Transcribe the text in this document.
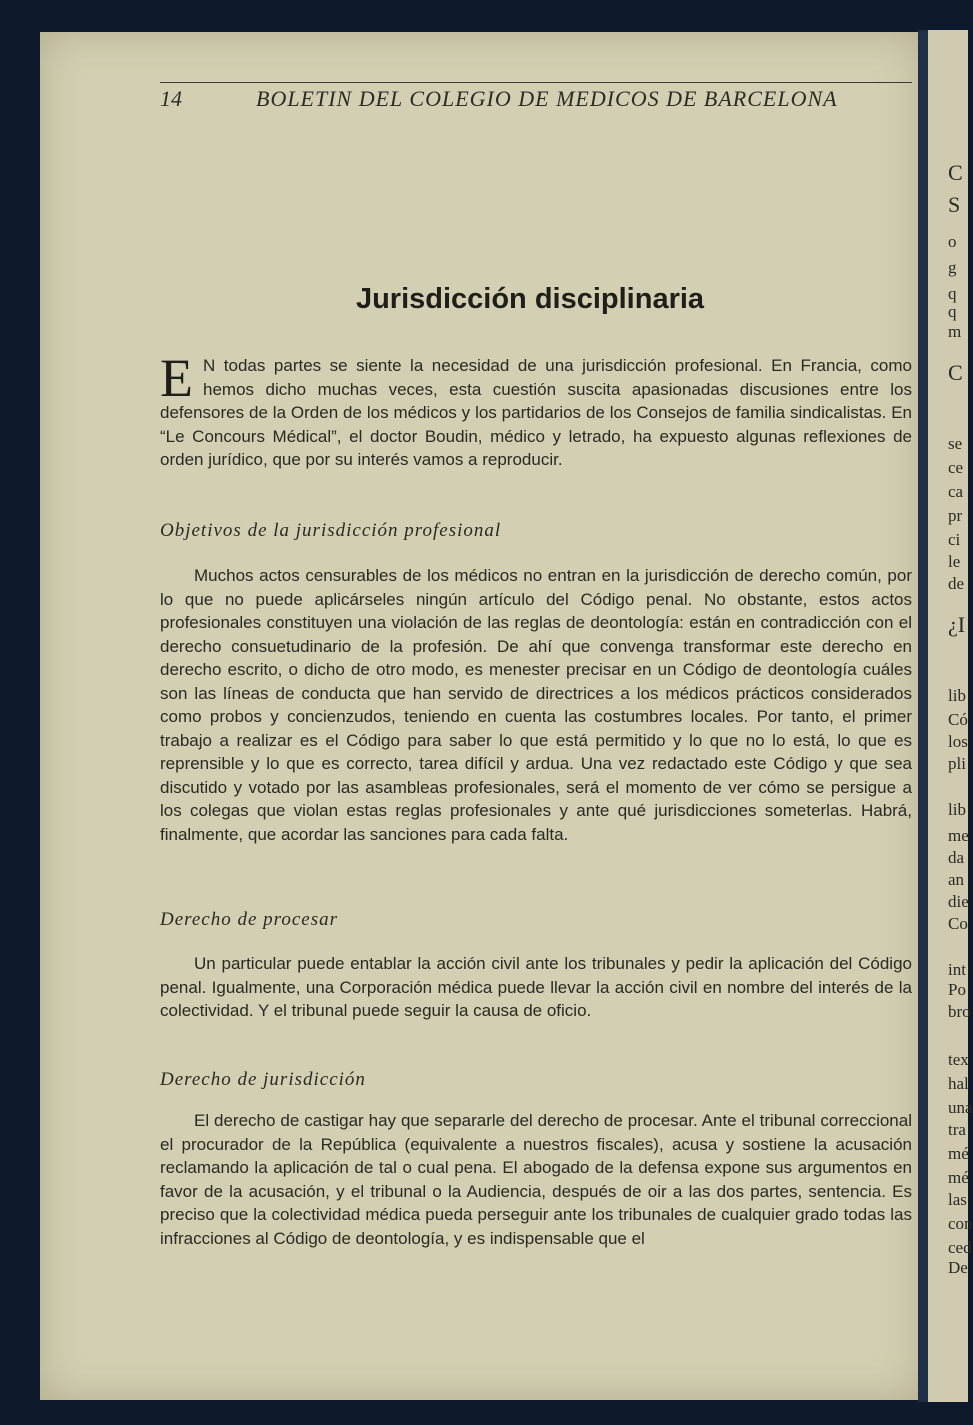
C
S
o
g
q
q
m
C
se
ce
ca
pr
ci
le
de
¿I
lib
Có
los
pli
lib
me
da
an
die
Co
int
Po
bro
tex
hal
una
tra
mé
mé
las
con
ced
De
14	BOLETIN DEL COLEGIO DE MEDICOS DE BARCELONA
Jurisdicción disciplinaria
E N todas partes se siente la necesidad de una jurisdicción profesional. En Francia, como hemos dicho muchas veces, esta cuestión suscita apasionadas discusiones entre los defensores de la Orden de los médicos y los partidarios de los Consejos de familia sindicalistas. En “Le Concours Médical”, el doctor Boudin, médico y letrado, ha expuesto algunas reflexiones de orden jurídico, que por su interés vamos a reproducir.
Objetivos de la jurisdicción profesional
Muchos actos censurables de los médicos no entran en la jurisdicción de derecho común, por lo que no puede aplicárseles ningún artículo del Código penal. No obstante, estos actos profesionales constituyen una violación de las reglas de deontología: están en contradicción con el derecho consuetudinario de la profesión. De ahí que convenga transformar este derecho en derecho escrito, o dicho de otro modo, es menester precisar en un Código de deontología cuáles son las líneas de conducta que han servido de directrices a los médicos prácticos considerados como probos y concienzudos, teniendo en cuenta las costumbres locales. Por tanto, el primer trabajo a realizar es el Código para saber lo que está permitido y lo que no lo está, lo que es reprensible y lo que es correcto, tarea difícil y ardua. Una vez redactado este Código y que sea discutido y votado por las asambleas profesionales, será el momento de ver cómo se persigue a los colegas que violan estas reglas profesionales y ante qué jurisdicciones someterlas. Habrá, finalmente, que acordar las sanciones para cada falta.
Derecho de procesar
Un particular puede entablar la acción civil ante los tribunales y pedir la aplicación del Código penal. Igualmente, una Corporación médica puede llevar la acción civil en nombre del interés de la colectividad. Y el tribunal puede seguir la causa de oficio.
Derecho de jurisdicción
El derecho de castigar hay que separarle del derecho de procesar. Ante el tribunal correccional el procurador de la República (equivalente a nuestros fiscales), acusa y sostiene la acusación reclamando la aplicación de tal o cual pena. El abogado de la defensa expone sus argumentos en favor de la acusación, y el tribunal o la Audiencia, después de oir a las dos partes, sentencia. Es preciso que la colectividad médica pueda perseguir ante los tribunales de cualquier grado todas las infracciones al Código de deontología, y es indispensable que el
